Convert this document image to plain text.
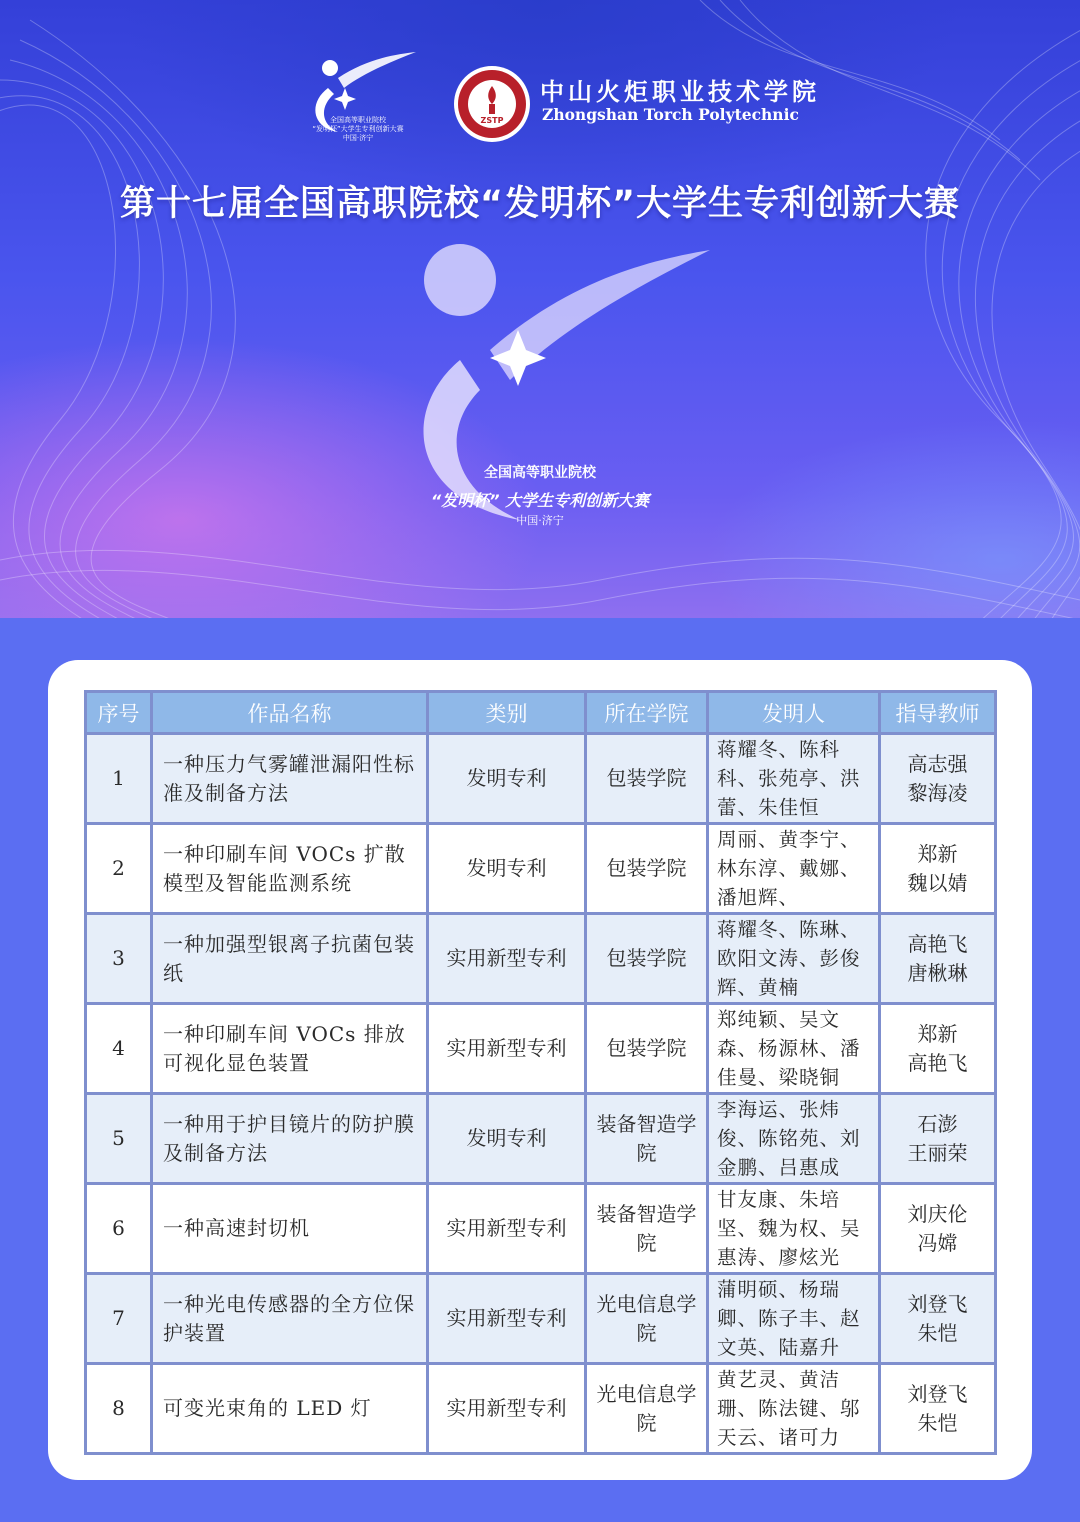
全国高等职业院校
“发明杯”大学生专利创新大赛
中国·济宁
ZSTP
中山火炬职业技术学院
Zhongshan Torch Polytechnic
第十七届全国高职院校“发明杯”大学生专利创新大赛
全国高等职业院校
“发明杯” 大学生专利创新大赛
中国·济宁
序号	作品名称	类别	所在学院	发明人	指导教师
1	一种压力气雾罐泄漏阳性标准及制备方法	发明专利	包装学院	蒋耀冬、陈科科、张苑亭、洪蕾、朱佳恒	高志强
黎海凌

2	一种印刷车间 VOCs 扩散模型及智能监测系统	发明专利	包装学院	周丽、黄李宁、林东淳、戴娜、潘旭辉、	郑新
魏以婧

3	一种加强型银离子抗菌包装纸	实用新型专利	包装学院	蒋耀冬、陈琳、欧阳文涛、彭俊辉、黄楠	高艳飞
唐楸琳

4	一种印刷车间 VOCs 排放可视化显色装置	实用新型专利	包装学院	郑纯颖、吴文森、杨源林、潘佳曼、梁晓铜	郑新
高艳飞

5	一种用于护目镜片的防护膜及制备方法	发明专利	装备智造学院	李海运、张炜俊、陈铭苑、刘金鹏、吕惠成	石澎
王丽荣

6	一种高速封切机	实用新型专利	装备智造学院	甘友康、朱培坚、魏为权、吴惠涛、廖炫光	刘庆伦
冯嫦

7	一种光电传感器的全方位保护装置	实用新型专利	光电信息学院	蒲明硕、杨瑞卿、陈子丰、赵文英、陆嘉升	刘登飞
朱恺

8	可变光束角的 LED 灯	实用新型专利	光电信息学院	黄艺灵、黄洁珊、陈法键、邬天云、诸可力	刘登飞
朱恺
